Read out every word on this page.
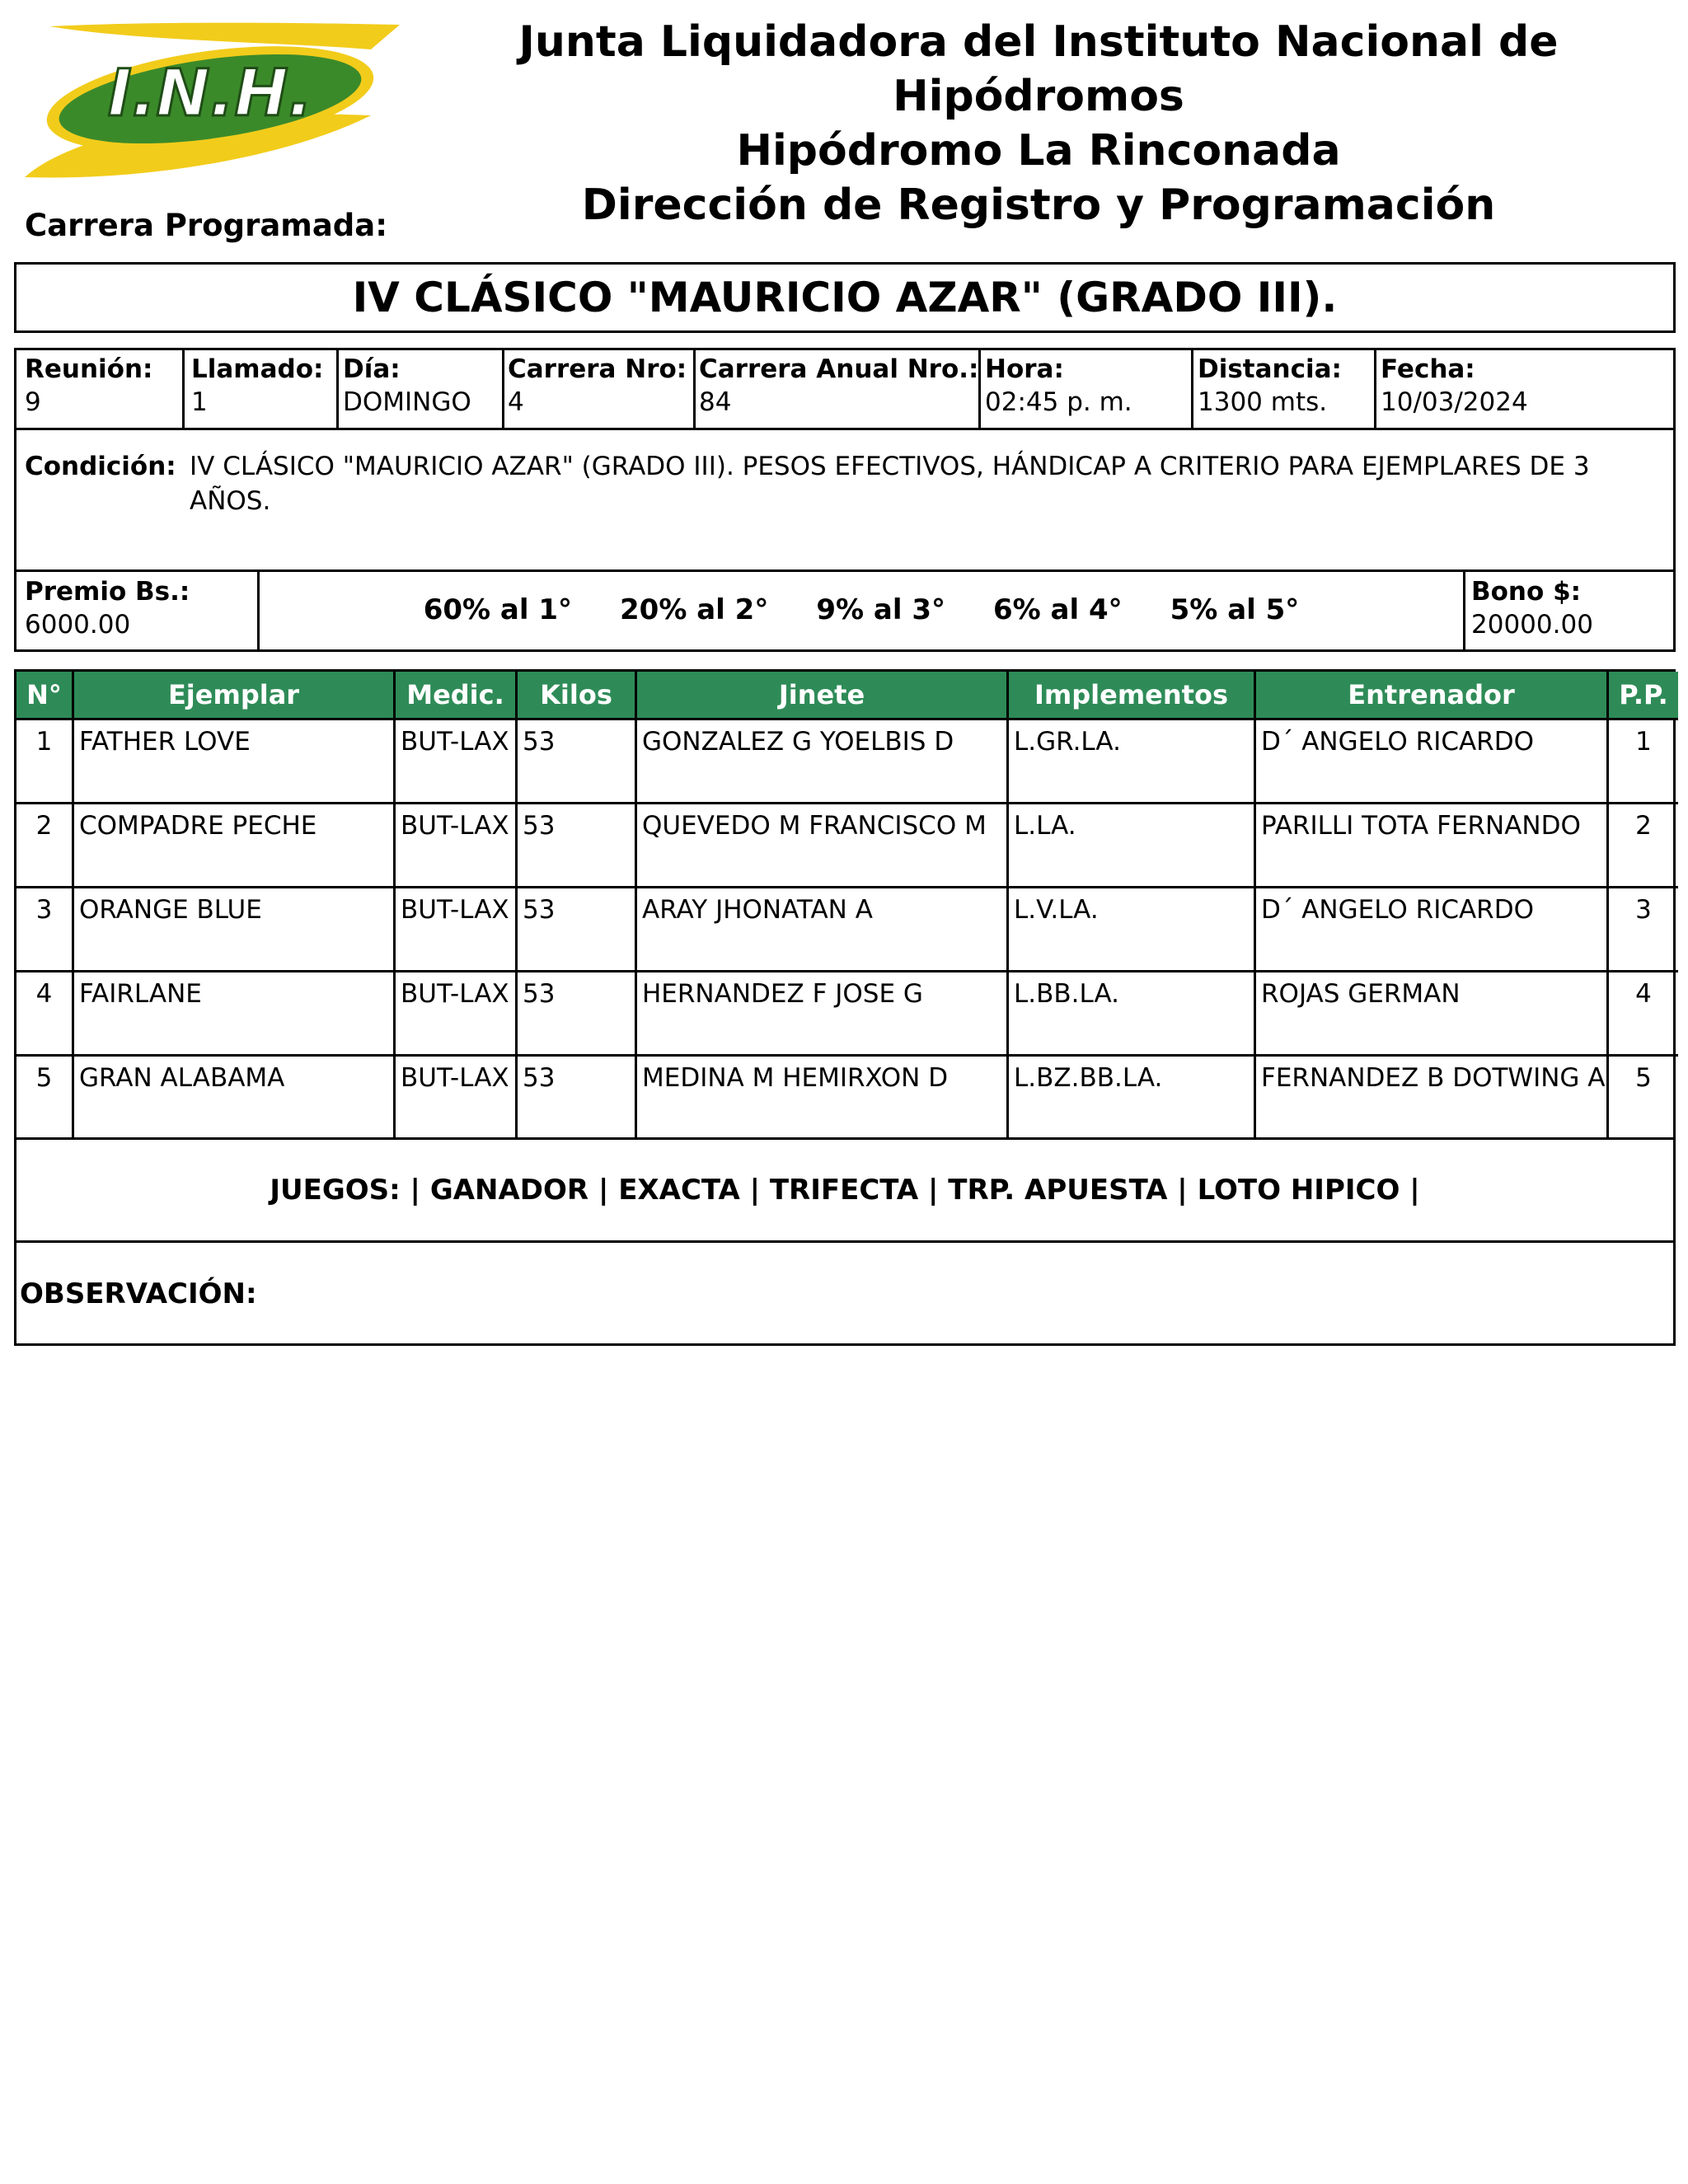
I.N.H.
Junta Liquidadora del Instituto Nacional de Hipódromos
Hipódromo La Rinconada
Dirección de Registro y Programación
Carrera Programada:
IV CLÁSICO "MAURICIO AZAR" (GRADO III).
Reunión:
9
Llamado:
1
Día:
DOMINGO
Carrera Nro:
4
Carrera Anual Nro.:
84
Hora:
02:45 p. m.
Distancia:
1300 mts.
Fecha:
10/03/2024
Condición: IV CLÁSICO "MAURICIO AZAR" (GRADO III). PESOS EFECTIVOS, HÁNDICAP A CRITERIO PARA EJEMPLARES DE 3 AÑOS.
Premio Bs.:
6000.00	60% al 1° 20% al 2° 9% al 3° 6% al 4° 5% al 5°
Bono $:
20000.00
N°	Ejemplar	Medic.	Kilos	Jinete	Implementos	Entrenador	P.P.
1	FATHER LOVE	BUT-LAX 53	GONZALEZ G YOELBIS D	L.GR.LA.	D´ ANGELO RICARDO	1
2	COMPADRE PECHE	BUT-LAX 53	QUEVEDO M FRANCISCO M	L.LA.	PARILLI TOTA FERNANDO	2
3	ORANGE BLUE	BUT-LAX 53	ARAY JHONATAN A	L.V.LA.	D´ ANGELO RICARDO	3
4	FAIRLANE	BUT-LAX 53	HERNANDEZ F JOSE G	L.BB.LA.	ROJAS GERMAN	4
5	GRAN ALABAMA	BUT-LAX 53	MEDINA M HEMIRXON D	L.BZ.BB.LA.	FERNANDEZ B DOTWING A	5
JUEGOS: | GANADOR | EXACTA | TRIFECTA | TRP. APUESTA | LOTO HIPICO |
OBSERVACIÓN:
